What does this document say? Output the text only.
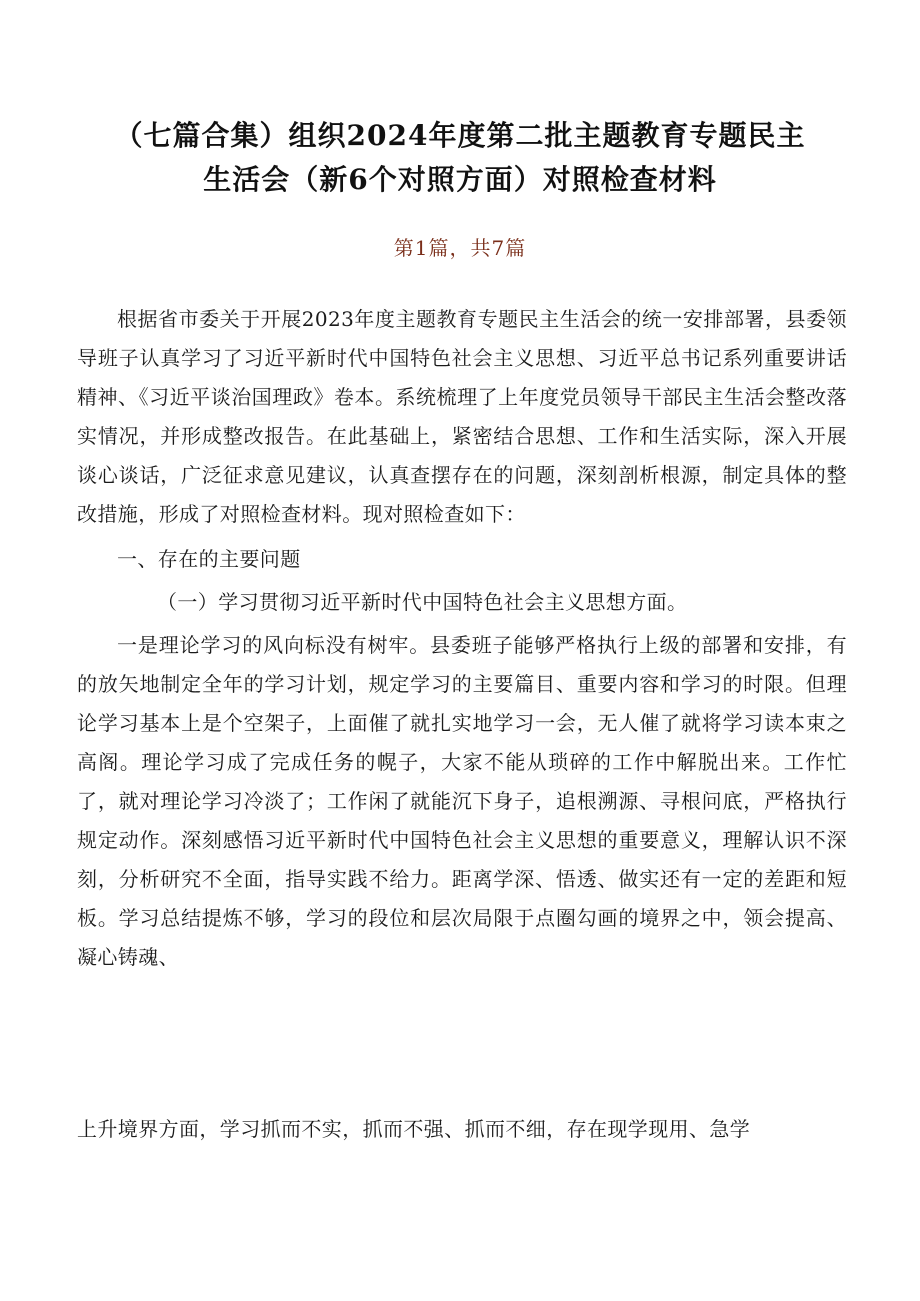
（七篇合集）组织2024年度第二批主题教育专题民主
生活会（新6个对照方面）对照检查材料
第1篇，共7篇

根据省市委关于开展2023年度主题教育专题民主生活会的统一安排部署，县委领导班子认真学习了习近平新时代中国特色社会主义思想、习近平总书记系列重要讲话精神、《习近平谈治国理政》卷本。系统梳理了上年度党员领导干部民主生活会整改落实情况，并形成整改报告。在此基础上，紧密结合思想、工作和生活实际，深入开展谈心谈话，广泛征求意见建议，认真查摆存在的问题，深刻剖析根源，制定具体的整改措施，形成了对照检查材料。现对照检查如下：

一、存在的主要问题

（一）学习贯彻习近平新时代中国特色社会主义思想方面。

一是理论学习的风向标没有树牢。县委班子能够严格执行上级的部署和安排，有的放矢地制定全年的学习计划，规定学习的主要篇目、重要内容和学习的时限。但理论学习基本上是个空架子，上面催了就扎实地学习一会，无人催了就将学习读本束之高阁。理论学习成了完成任务的幌子，大家不能从琐碎的工作中解脱出来。工作忙了，就对理论学习冷淡了；工作闲了就能沉下身子，追根溯源、寻根问底，严格执行规定动作。深刻感悟习近平新时代中国特色社会主义思想的重要意义，理解认识不深刻，分析研究不全面，指导实践不给力。距离学深、悟透、做实还有一定的差距和短板。学习总结提炼不够，学习的段位和层次局限于点圈勾画的境界之中，领会提高、凝心铸魂、

上升境界方面，学习抓而不实，抓而不强、抓而不细，存在现学现用、急学
